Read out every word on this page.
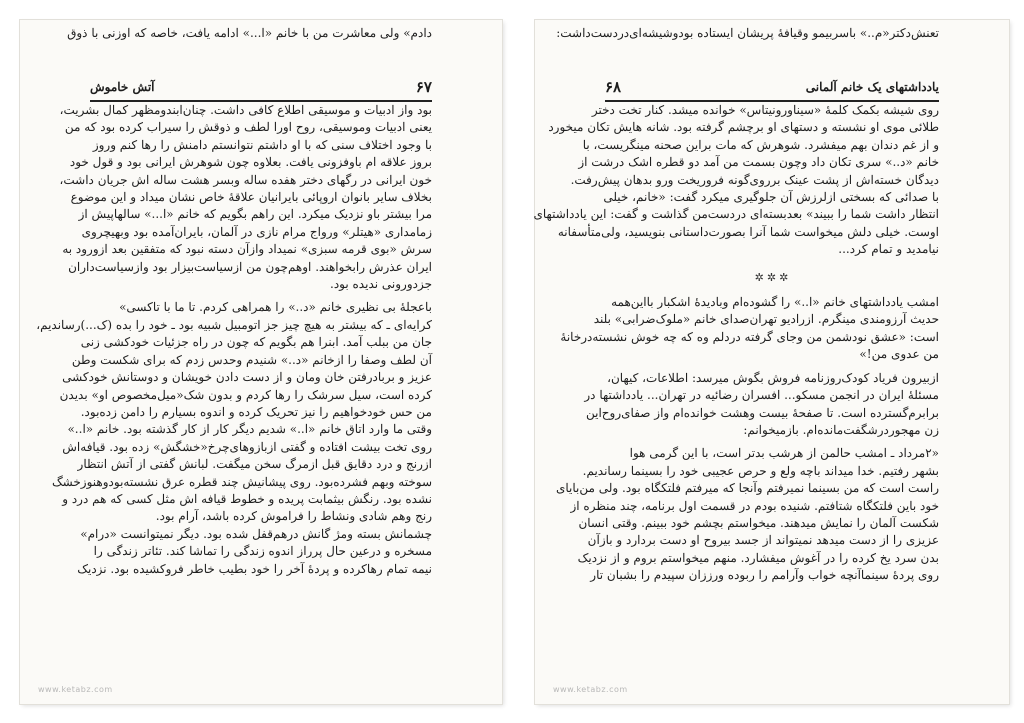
دادم» ولی معاشرت من با خانم «ا...» ادامه یافت، خاصه که اوزنی با ذوق
آتش خاموش	۶۷
بود واز ادبیات و موسیقی اطلاع کافی داشت. چنان‌ابندومظهر کمال بشریت،
یعنی ادبیات وموسیقی، روح اورا لطف و ذوقش را سیراب کرده بود که من
با وجود اختلاف سنی که با او داشتم نتوانستم دامنش را رها کنم وروز
بروز علاقه ام باوفزونی یافت. بعلاوه چون شوهرش ایرانی بود و قول خود
خون ایرانی در رگهای دختر هفده ساله وبسر هشت ساله اش جریان داشت،
بخلاف سایر بانوان اروپائی بایرانیان علاقهٔ خاص نشان میداد و این موضوع
مرا بیشتر باو نزدیک میکرد. این راهم بگویم که خانم «ا...» سالهاپیش از
زمامداری «هیتلر» ورواج مرام نازی در آلمان، بایران‌آمده بود وبهیچروی
سرش «بوی قرمه سبزی» نمیداد وازآن دسته نبود که متفقین بعد ازورود به
ایران عذرش رابخواهند. اوهم‌چون من ازسیاست‌بیزار بود وازسیاست‌داران
جزدورونی ندیده بود.
باعجلهٔ بی نظیری خانم «د..» را همراهی کردم. تا ما با تاکسی»
کرایه‌ای ـ که بیشتر به هیچ چیز جز اتومبیل شبیه بود ـ خود را بده (ک...)رساندیم،
جان من ببلب آمد. ابنرا هم بگویم که چون در راه جزئیات خودکشی زنی
آن لطف وصفا را ازخانم «د..» شنیدم وحدس زدم که برای شکست وطن
عزیز و بربادرفتن خان ومان و از دست دادن خویشان و دوستانش خودکشی
کرده است، سیل سرشک را رها کردم و بدون شک«میل‌مخصوص او» بدیدن
من حس خودخواهیم را نیز تحریک کرده و اندوه بسیارم را دامن زده‌بود.
وقتی ما وارد اتاق خانم «ا..» شدیم دیگر کار از کار گذشته بود. خانم «ا..»
روی تخت بیشت افتاده و گفتی ازبازوهای‌چرخ«خشگش» زده بود. قیافه‌اش
ازرنج و درد دقایق قبل ازمرگ سخن میگفت. لبانش گفتی از آتش انتظار
سوخته وبهم فشرده‌بود. روی پیشانیش چند قطره عرق نشسته‌بودوهنوزخشگ
نشده بود. رنگش بیثمابت پریده و خطوط قیافه اش مثل کسی که هم درد و
رنج وهم شادی ونشاط را فراموش کرده باشد، آرام بود.
چشمانش بسته ومژ گانش درهم‌قفل شده بود. دیگر نمیتوانست «درام»
مسخره و درعین حال پرراز اندوه زندگی را تماشا کند. تئاتر زندگی را
نیمه تمام رهاکرده و پردهٔ آخر را خود بطیب خاطر فروکشیده بود. نزدیک
www.ketabz.com
تعنش‌دکتر«م..» باسربیمو وقیافهٔ پریشان ایستاده بودوشیشه‌ای‌دردست‌داشت:
یادداشتهای یک خانم آلمانی
۶۸
روی شیشه بکمک کلمهٔ «سینا‌ورونیتاس» خوانده میشد. کنار تخت دختر
طلائی موی او نشسته و دستهای او برچشم گرفته بود. شانه هایش تکان میخورد
و از غم دندان بهم میفشرد. شوهرش که مات براین صحنه مینگریست، با
خانم «د..» سری تکان داد وچون بسمت من آمد دو قطره اشک درشت از
دیدگان خسته‌اش از پشت عینک برروی‌گونه فروریخت ورو بدهان پیش‌رفت.
با صدائی که بسختی ازلرزش آن جلوگیری میکرد گفت: «خانم، خیلی
انتظار داشت شما را ببیند» بعدبسته‌ای دردست‌من گذاشت و گفت: این یادداشتهای
اوست. خیلی دلش میخواست شما آنرا بصورت‌داستانی بنویسید، ولی‌متأسفانه
نیامدید و تمام کرد...
✲✲✲
امشب یادداشتهای خانم «ا..» را گشوده‌ام وبادیدهٔ اشکبار بااین‌همه
حدیث آرزومندی مینگرم. ازرادیو تهران‌صدای خانم «ملوک‌ضرابی» بلند
است: «عشق نودشمن من وجای گرفته دردلم وه که چه خوش نشسته‌درخانهٔ
من عدوی من!»
ازبیرون فریاد کودک‌روزنامه فروش بگوش میرسد: اطلاعات، کیهان،
مسئلهٔ ایران در انجمن مسکو... افسران رضائیه در تهران... یادداشتها در
برابرم‌گسترده است. تا صفحهٔ بیست وهشت خوانده‌ام واز صفای‌روح‌این
زن مهجوردرشگفت‌مانده‌ام. بازمیخوانم:
«۲مرداد ـ امشب حالمن از هرشب بدتر است، با این گرمی هوا
بشهر رفتیم. خدا میداند باچه ولع و حرص عجیبی خود را بسینما رساندیم.
راست است که من بسینما نمیرفتم وآنجا که میرفتم فلتکگاه بود. ولی من‌بایای
خود باین فلتکگاه شتافتم. شنیده بودم در قسمت اول برنامه، چند منظره از
شکست آلمان را نمایش میدهند. میخواستم بچشم خود ببینم. وقتی انسان
عزیزی را از دست میدهد نمیتواند از جسد بیروح او دست بردارد و بازآن
بدن سرد یخ کرده را در آغوش میفشارد. منهم میخواستم بروم و از نزدیک
روی پردهٔ سینماآنچه خواب وآرامم را ربوده ورززان سپیدم را بشبان تار
www.ketabz.com
